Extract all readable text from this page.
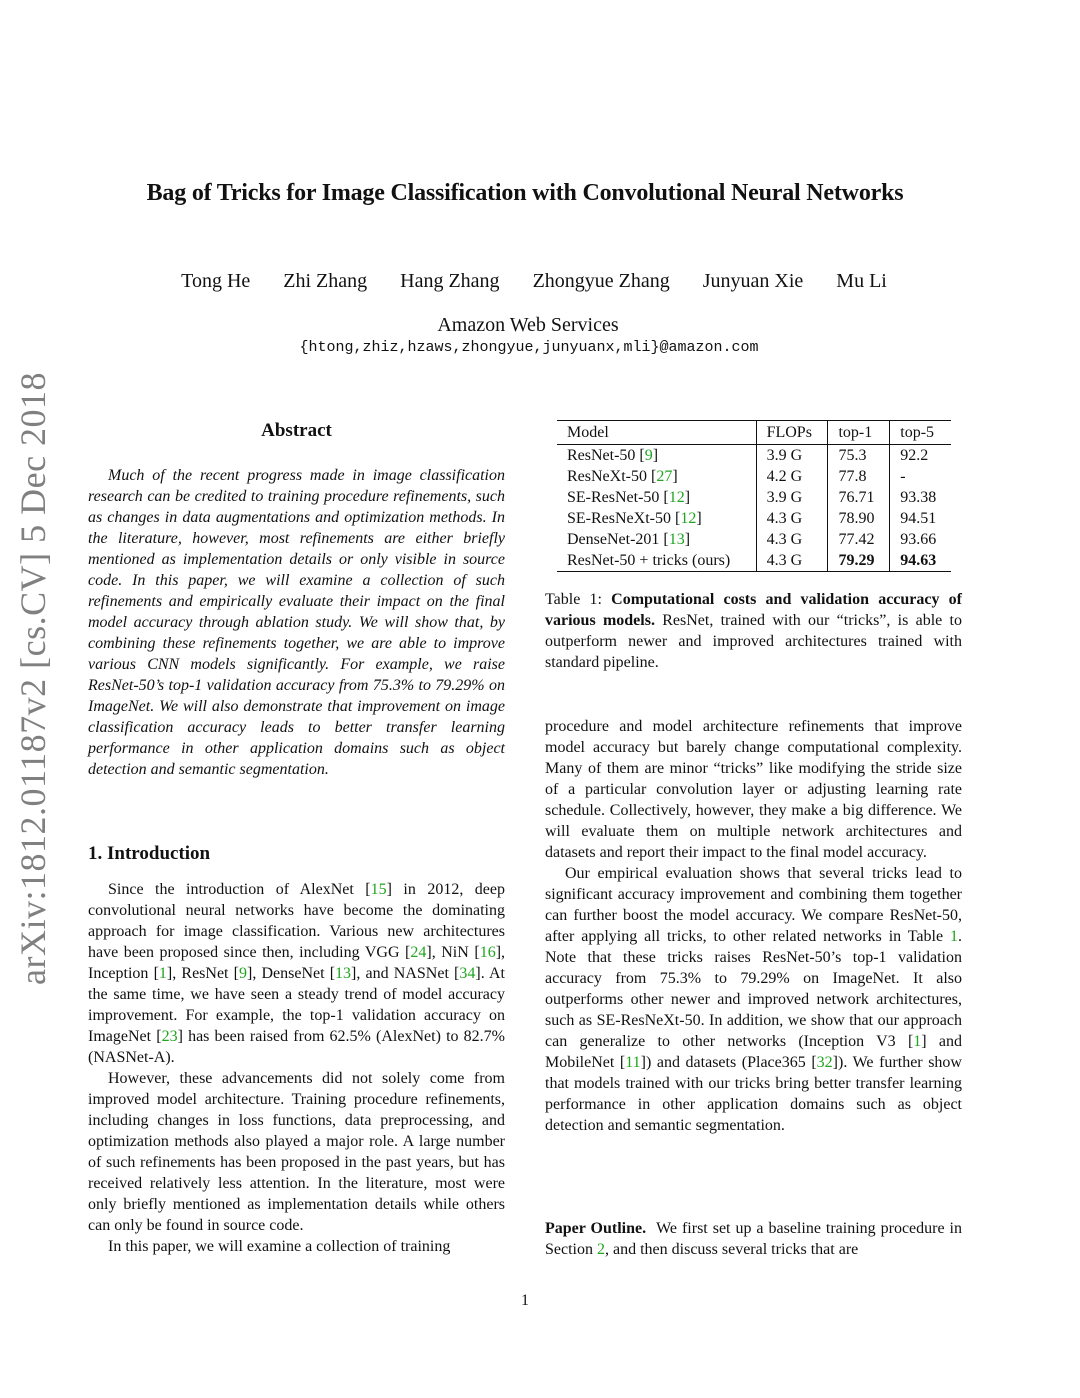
arXiv:1812.01187v2 [cs.CV] 5 Dec 2018
Bag of Tricks for Image Classification with Convolutional Neural Networks
Tong He Zhi Zhang Hang Zhang Zhongyue Zhang Junyuan Xie Mu Li
Amazon Web Services
{htong,zhiz,hzaws,zhongyue,junyuanx,mli}@amazon.com
Abstract

Much of the recent progress made in image classification research can be credited to training procedure refinements, such as changes in data augmentations and optimization methods. In the literature, however, most refinements are either briefly mentioned as implementation details or only visible in source code. In this paper, we will examine a collection of such refinements and empirically evaluate their impact on the final model accuracy through ablation study. We will show that, by combining these refinements together, we are able to improve various CNN models significantly. For example, we raise ResNet-50’s top-1 validation accuracy from 75.3% to 79.29% on ImageNet. We will also demonstrate that improvement on image classification accuracy leads to better transfer learning performance in other application domains such as object detection and semantic segmentation.

1. Introduction

Since the introduction of AlexNet [15] in 2012, deep convolutional neural networks have become the dominating approach for image classification. Various new architectures have been proposed since then, including VGG [24], NiN [16], Inception [1], ResNet [9], DenseNet [13], and NASNet [34]. At the same time, we have seen a steady trend of model accuracy improvement. For example, the top-1 validation accuracy on ImageNet [23] has been raised from 62.5% (AlexNet) to 82.7% (NASNet-A).

However, these advancements did not solely come from improved model architecture. Training procedure refinements, including changes in loss functions, data preprocessing, and optimization methods also played a major role. A large number of such refinements has been proposed in the past years, but has received relatively less attention. In the literature, most were only briefly mentioned as implementation details while others can only be found in source code.

In this paper, we will examine a collection of training

Model	FLOPs	top-1	top-5
ResNet-50 [9]	3.9 G	75.3	92.2
ResNeXt-50 [27]	4.2 G	77.8	-
SE-ResNet-50 [12]	3.9 G	76.71	93.38
SE-ResNeXt-50 [12]	4.3 G	78.90	94.51
DenseNet-201 [13]	4.3 G	77.42	93.66
ResNet-50 + tricks (ours)	4.3 G	79.29	94.63

Table 1: Computational costs and validation accuracy of various models. ResNet, trained with our “tricks”, is able to outperform newer and improved architectures trained with standard pipeline.

procedure and model architecture refinements that improve model accuracy but barely change computational complexity. Many of them are minor “tricks” like modifying the stride size of a particular convolution layer or adjusting learning rate schedule. Collectively, however, they make a big difference. We will evaluate them on multiple network architectures and datasets and report their impact to the final model accuracy.

Our empirical evaluation shows that several tricks lead to significant accuracy improvement and combining them together can further boost the model accuracy. We compare ResNet-50, after applying all tricks, to other related networks in Table 1. Note that these tricks raises ResNet-50’s top-1 validation accuracy from 75.3% to 79.29% on ImageNet. It also outperforms other newer and improved network architectures, such as SE-ResNeXt-50. In addition, we show that our approach can generalize to other networks (Inception V3 [1] and MobileNet [11]) and datasets (Place365 [32]). We further show that models trained with our tricks bring better transfer learning performance in other application domains such as object detection and semantic segmentation.

Paper Outline. We first set up a baseline training procedure in Section 2, and then discuss several tricks that are

1
